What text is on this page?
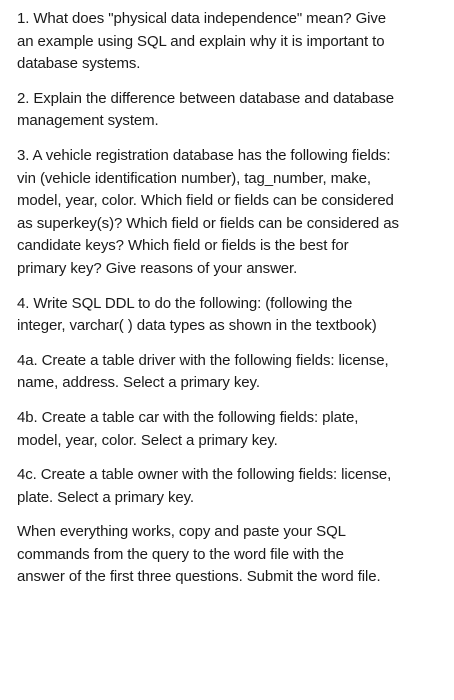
1. What does "physical data independence" mean? Give
an example using SQL and explain why it is important to
database systems.

2. Explain the difference between database and database
management system.

3. A vehicle registration database has the following fields:
vin (vehicle identification number), tag_number, make,
model, year, color. Which field or fields can be considered
as superkey(s)? Which field or fields can be considered as
candidate keys? Which field or fields is the best for
primary key? Give reasons of your answer.

4. Write SQL DDL to do the following: (following the
integer, varchar( ) data types as shown in the textbook)

4a. Create a table driver with the following fields: license,
name, address. Select a primary key.

4b. Create a table car with the following fields: plate,
model, year, color. Select a primary key.

4c. Create a table owner with the following fields: license,
plate. Select a primary key.

When everything works, copy and paste your SQL
commands from the query to the word file with the
answer of the first three questions. Submit the word file.
